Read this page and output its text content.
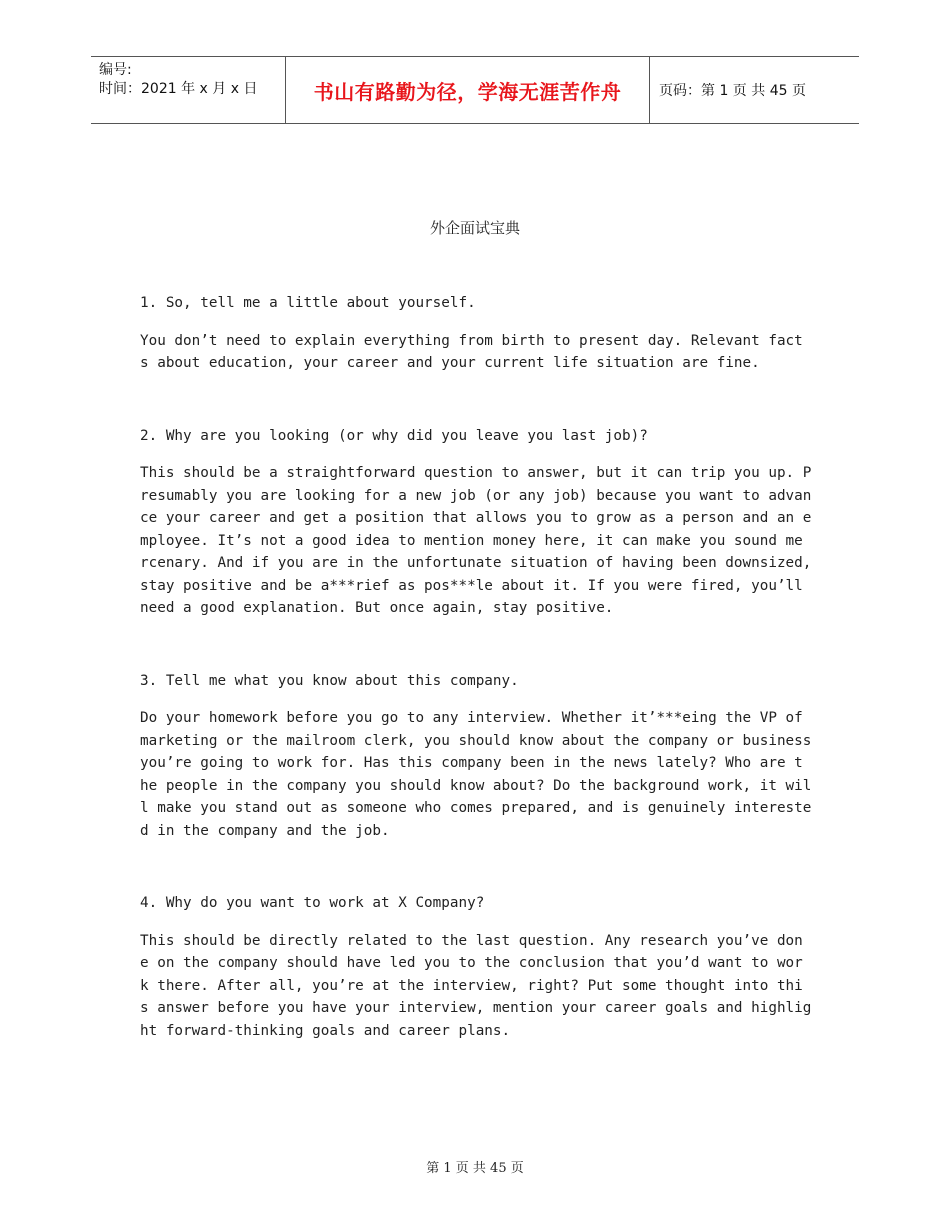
编号:
时间：2021 年 x 月 x 日	书山有路勤为径，学海无涯苦作舟	页码：第 1 页 共 45 页
外企面试宝典
1. So, tell me a little about yourself.
You don’t need to explain everything from birth to present day. Relevant fact
s about education, your career and your current life situation are fine.
2. Why are you looking (or why did you leave you last job)?
This should be a straightforward question to answer, but it can trip you up. P
resumably you are looking for a new job (or any job) because you want to advan
ce your career and get a position that allows you to grow as a person and an e
mployee. It’s not a good idea to mention money here, it can make you sound me
rcenary. And if you are in the unfortunate situation of having been downsized,
stay positive and be a***rief as pos***le about it. If you were fired, you’ll
need a good explanation. But once again, stay positive.
3. Tell me what you know about this company.
Do your homework before you go to any interview. Whether it’***eing the VP of
marketing or the mailroom clerk, you should know about the company or business
you’re going to work for. Has this company been in the news lately? Who are t
he people in the company you should know about? Do the background work, it wil
l make you stand out as someone who comes prepared, and is genuinely intereste
d in the company and the job.
4. Why do you want to work at X Company?
This should be directly related to the last question. Any research you’ve don
e on the company should have led you to the conclusion that you’d want to wor
k there. After all, you’re at the interview, right? Put some thought into thi
s answer before you have your interview, mention your career goals and highlig
ht forward-thinking goals and career plans.
第 1 页 共 45 页
